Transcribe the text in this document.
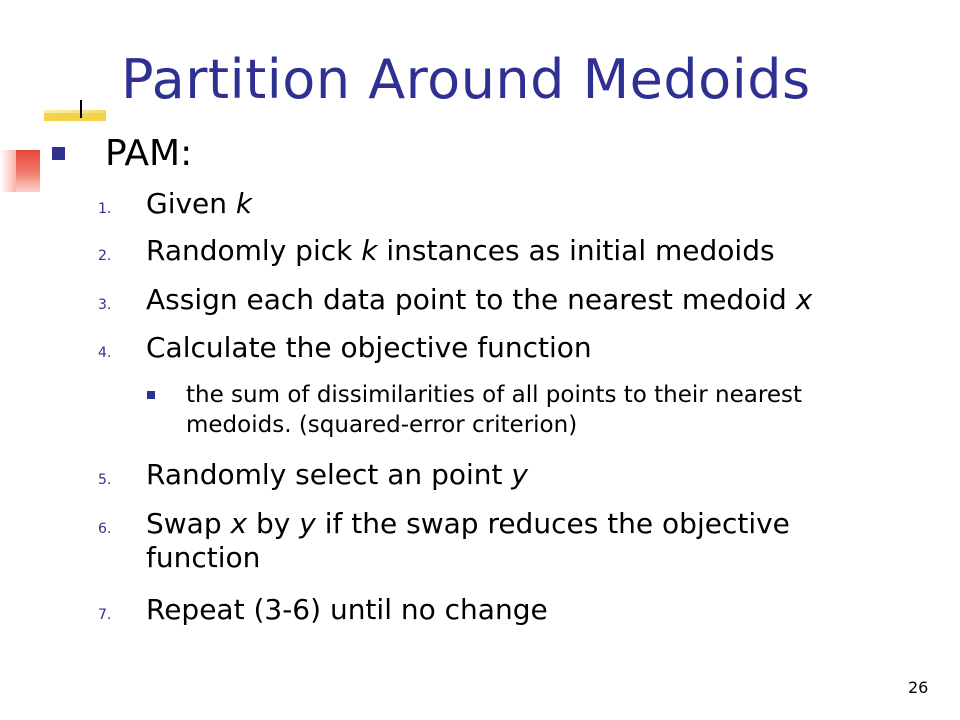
Partition Around Medoids
PAM:
1.	Given k
2.	Randomly pick k instances as initial medoids
3.	Assign each data point to the nearest medoid x
4.	Calculate the objective function
the sum of dissimilarities of all points to their nearest medoids. (squared-error criterion)
5.	Randomly select an point y
6.	Swap x by y if the swap reduces the objective function
7.	Repeat (3-6) until no change
26
